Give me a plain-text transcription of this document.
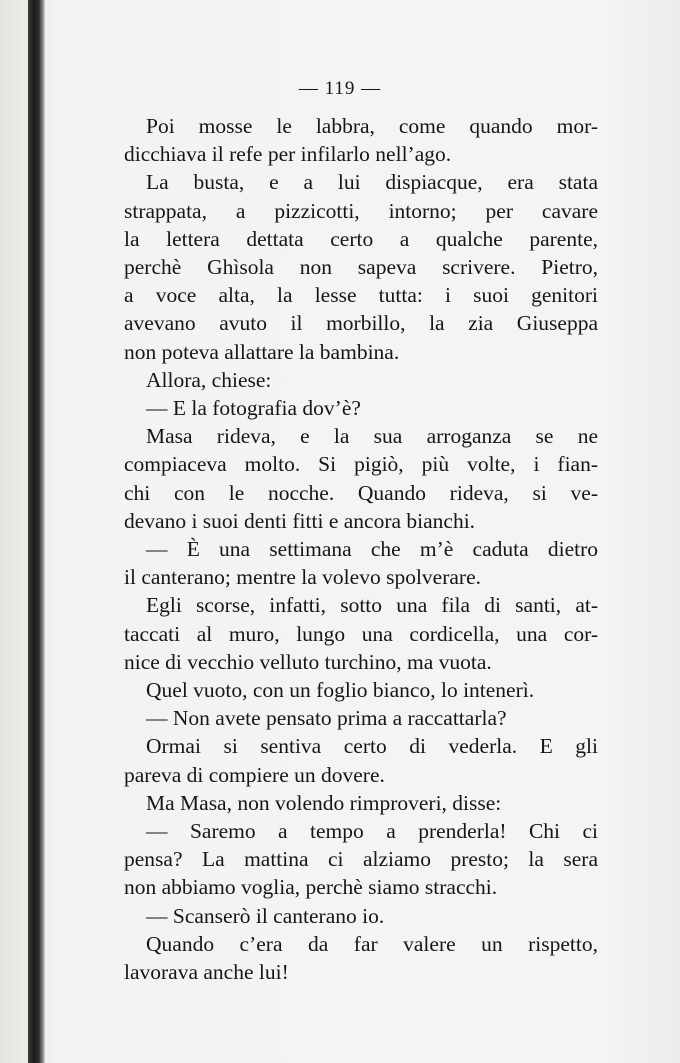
— 119 —
Poi mosse le labbra, come quando mor-
dicchiava il refe per infilarlo nell’ago.
La busta, e a lui dispiacque, era stata
strappata, a pizzicotti, intorno; per cavare
la lettera dettata certo a qualche parente,
perchè Ghìsola non sapeva scrivere. Pietro,
a voce alta, la lesse tutta: i suoi genitori
avevano avuto il morbillo, la zia Giuseppa
non poteva allattare la bambina.
Allora, chiese:
— E la fotografia dov’è?
Masa rideva, e la sua arroganza se ne
compiaceva molto. Si pigiò, più volte, i fian-
chi con le nocche. Quando rideva, si ve-
devano i suoi denti fitti e ancora bianchi.
— È una settimana che m’è caduta dietro
il canterano; mentre la volevo spolverare.
Egli scorse, infatti, sotto una fila di santi, at-
taccati al muro, lungo una cordicella, una cor-
nice di vecchio velluto turchino, ma vuota.
Quel vuoto, con un foglio bianco, lo intenerì.
— Non avete pensato prima a raccattarla?
Ormai si sentiva certo di vederla. E gli
pareva di compiere un dovere.
Ma Masa, non volendo rimproveri, disse:
— Saremo a tempo a prenderla! Chi ci
pensa? La mattina ci alziamo presto; la sera
non abbiamo voglia, perchè siamo stracchi.
— Scanserò il canterano io.
Quando c’era da far valere un rispetto,
lavorava anche lui!
